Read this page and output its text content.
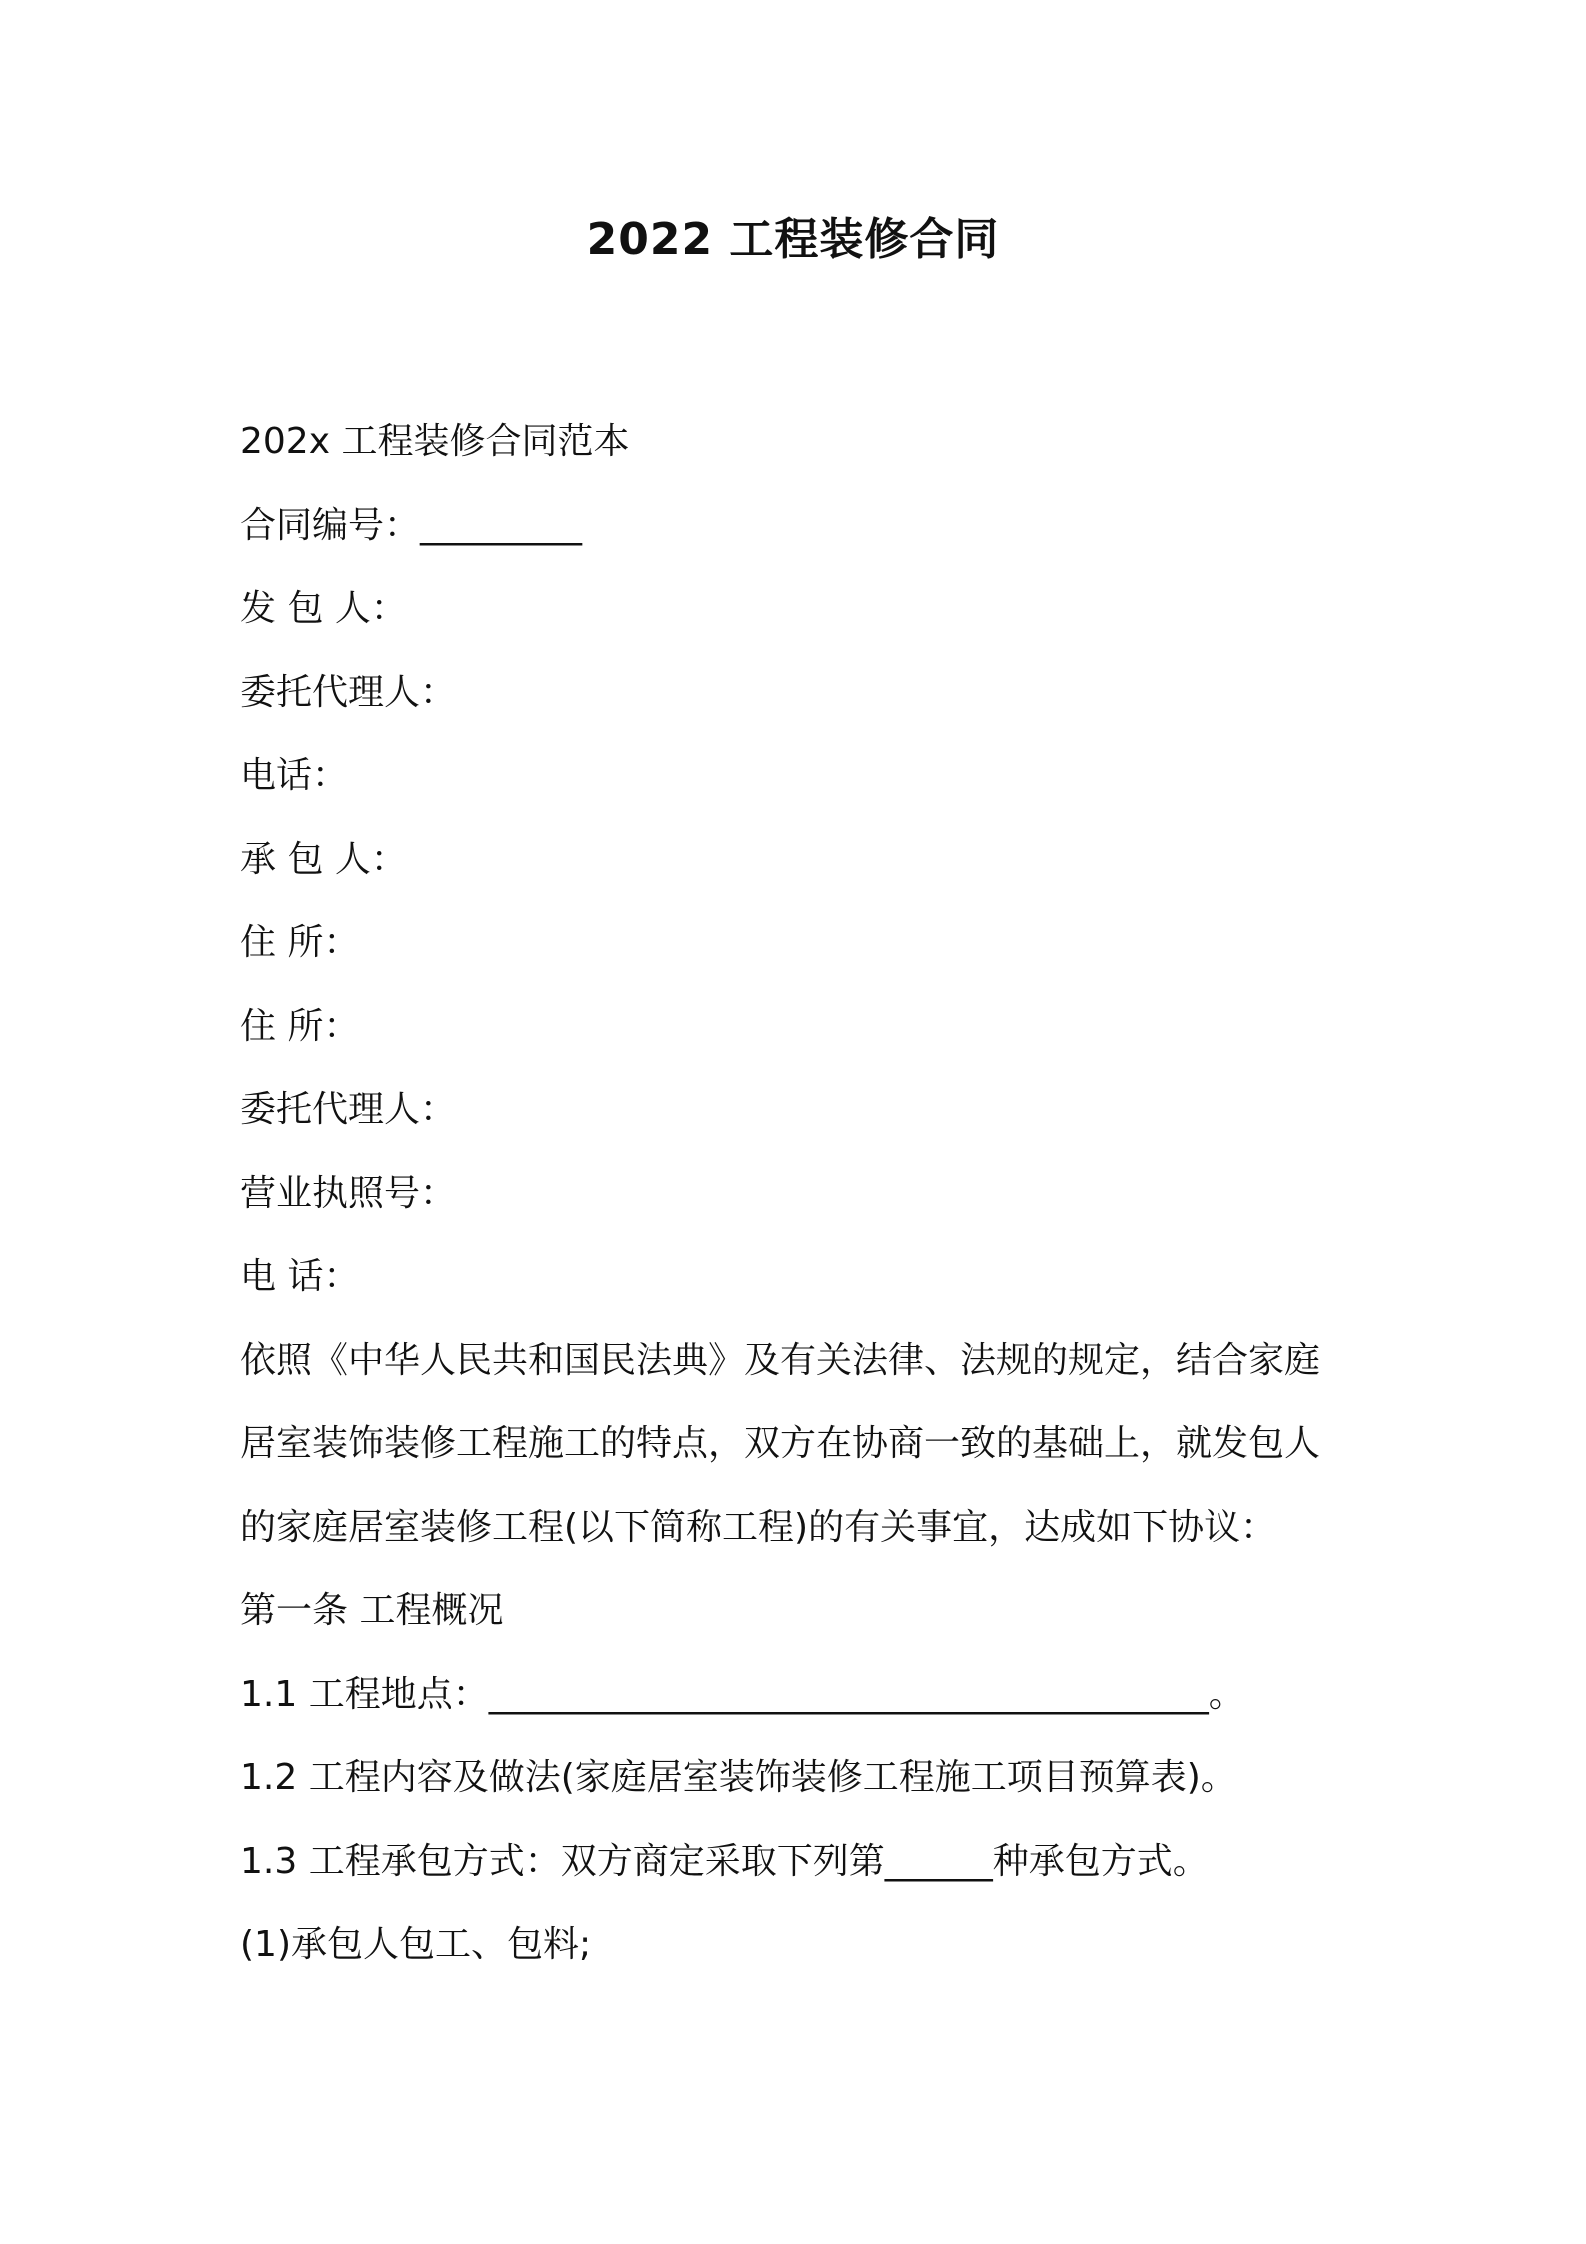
2022 工程装修合同
202x 工程装修合同范本
合同编号：_________
发 包 人：
委托代理人：
电话：
承 包 人：
住 所：
住 所：
委托代理人：
营业执照号：
电 话：
依照《中华人民共和国民法典》及有关法律、法规的规定，结合家庭
居室装饰装修工程施工的特点，双方在协商一致的基础上，就发包人
的家庭居室装修工程(以下简称工程)的有关事宜，达成如下协议：
第一条 工程概况
1.1 工程地点：________________________________________。
1.2 工程内容及做法(家庭居室装饰装修工程施工项目预算表)。
1.3 工程承包方式：双方商定采取下列第______种承包方式。
(1)承包人包工、包料;
